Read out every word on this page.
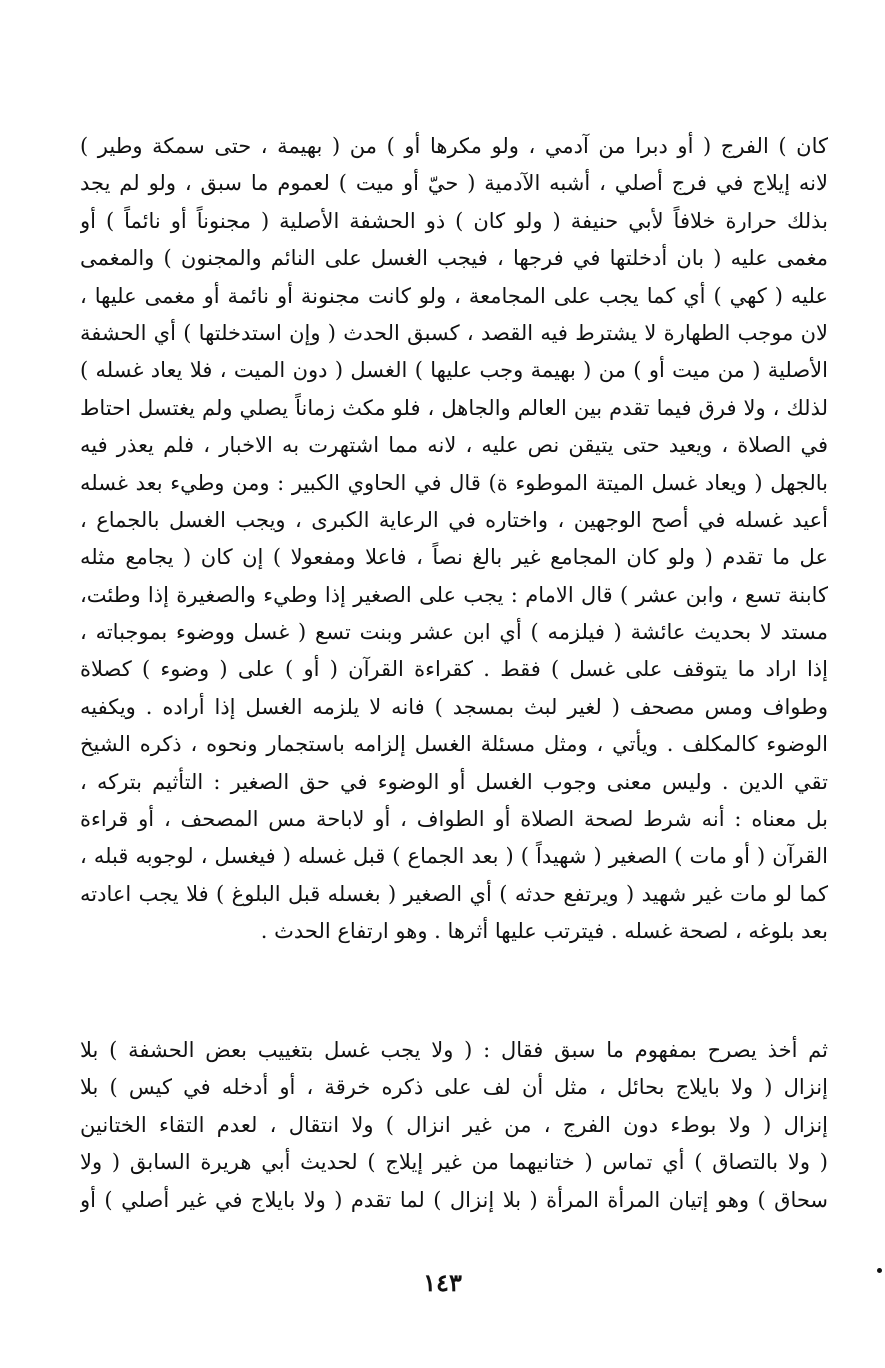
كان ) الفرج ( أو دبرا من آدمي ، ولو مكرها أو ) من ( بهيمة ، حتى سمكة وطير )
لانه إيلاج في فرج أصلي ، أشبه الآدمية ( حيّ أو ميت ) لعموم ما سبق ، ولو لم يجد
بذلك حرارة خلافاً لأبي حنيفة ( ولو كان ) ذو الحشفة الأصلية ( مجنوناً أو نائماً ) أو
مغمى عليه ( بان أدخلتها في فرجها ، فيجب الغسل على النائم والمجنون ) والمغمى
عليه ( كهي ) أي كما يجب على المجامعة ، ولو كانت مجنونة أو نائمة أو مغمى عليها ،
لان موجب الطهارة لا يشترط فيه القصد ، كسبق الحدث ( وإن استدخلتها ) أي الحشفة
الأصلية ( من ميت أو ) من ( بهيمة وجب عليها ) الغسل ( دون الميت ، فلا يعاد غسله )
لذلك ، ولا فرق فيما تقدم بين العالم والجاهل ، فلو مكث زماناً يصلي ولم يغتسل احتاط
في الصلاة ، ويعيد حتى يتيقن نص عليه ، لانه مما اشتهرت به الاخبار ، فلم يعذر فيه
بالجهل ( ويعاد غسل الميتة الموطوء ة) قال في الحاوي الكبير : ومن وطيء بعد غسله
أعيد غسله في أصح الوجهين ، واختاره في الرعاية الكبرى ، ويجب الغسل بالجماع ،
عل ما تقدم ( ولو كان المجامع غير بالغ نصاً ، فاعلا ومفعولا ) إن كان ( يجامع مثله
كابنة تسع ، وابن عشر ) قال الامام : يجب على الصغير إذا وطيء والصغيرة إذا وطئت،
مستد لا بحديث عائشة ( فيلزمه ) أي ابن عشر وبنت تسع ( غسل ووضوء بموجباته ،
إذا اراد ما يتوقف على غسل ) فقط . كقراءة القرآن ( أو ) على ( وضوء ) كصلاة
وطواف ومس مصحف ( لغير لبث بمسجد ) فانه لا يلزمه الغسل إذا أراده . ويكفيه
الوضوء كالمكلف . ويأتي ، ومثل مسئلة الغسل إلزامه باستجمار ونحوه ، ذكره الشيخ
تقي الدين . وليس معنى وجوب الغسل أو الوضوء في حق الصغير : التأثيم بتركه ،
بل معناه : أنه شرط لصحة الصلاة أو الطواف ، أو لاباحة مس المصحف ، أو قراءة
القرآن ( أو مات ) الصغير ( شهيداً ) ( بعد الجماع ) قبل غسله ( فيغسل ، لوجوبه قبله ،
كما لو مات غير شهيد ( ويرتفع حدثه ) أي الصغير ( بغسله قبل البلوغ ) فلا يجب اعادته
بعد بلوغه ، لصحة غسله . فيترتب عليها أثرها . وهو ارتفاع الحدث .
ثم أخذ يصرح بمفهوم ما سبق فقال : ( ولا يجب غسل بتغييب بعض الحشفة ) بلا
إنزال ( ولا بايلاج بحائل ، مثل أن لف على ذكره خرقة ، أو أدخله في كيس ) بلا
إنزال ( ولا بوطء دون الفرج ، من غير انزال ) ولا انتقال ، لعدم التقاء الختانين
( ولا بالتصاق ) أي تماس ( ختانيهما من غير إيلاج ) لحديث أبي هريرة السابق ( ولا
سحاق ) وهو إتيان المرأة المرأة ( بلا إنزال ) لما تقدم ( ولا بايلاج في غير أصلي ) أو
١٤٣
